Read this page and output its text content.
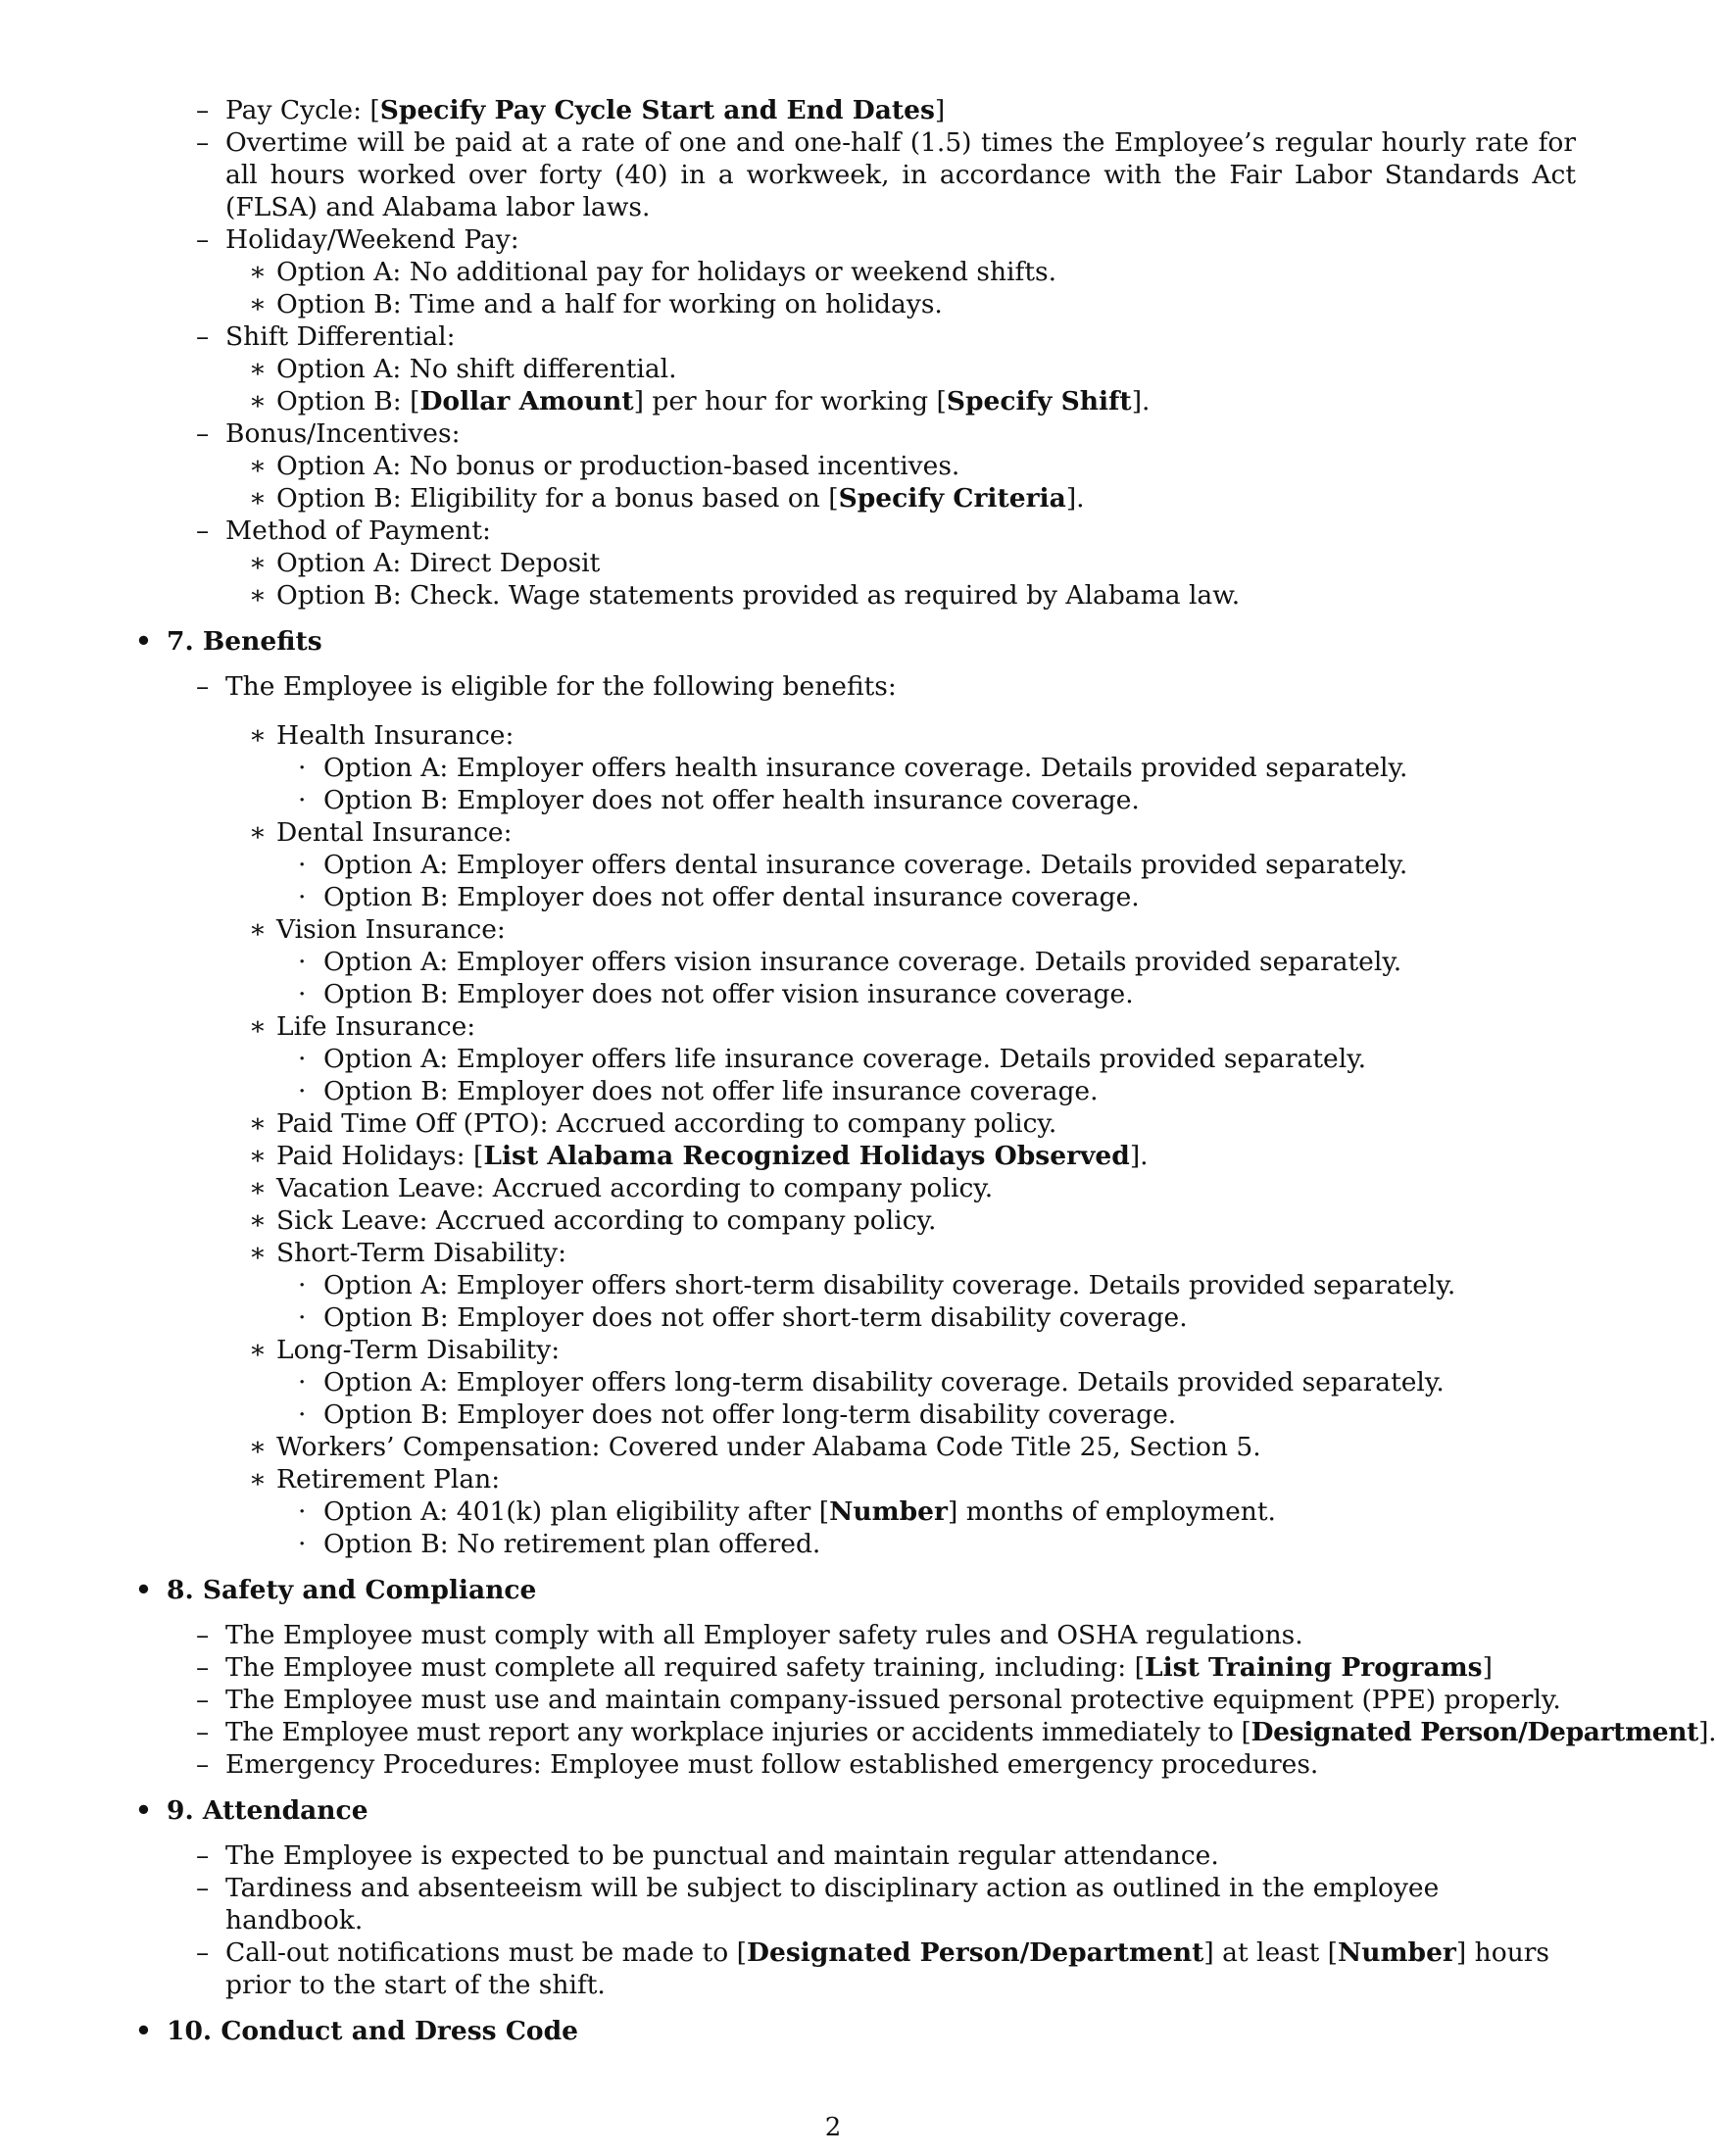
– Pay Cycle: [Specify Pay Cycle Start and End Dates]
– Overtime will be paid at a rate of one and one-half (1.5) times the Employee’s regular hourly rate for all hours worked over forty (40) in a workweek, in accordance with the Fair Labor Standards Act (FLSA) and Alabama labor laws.
– Holiday/Weekend Pay:
∗ Option A: No additional pay for holidays or weekend shifts.
∗ Option B: Time and a half for working on holidays.
– Shift Differential:
∗ Option A: No shift differential.
∗ Option B: [Dollar Amount] per hour for working [Specify Shift].
– Bonus/Incentives:
∗ Option A: No bonus or production-based incentives.
∗ Option B: Eligibility for a bonus based on [Specify Criteria].
– Method of Payment:
∗ Option A: Direct Deposit
∗ Option B: Check. Wage statements provided as required by Alabama law.
• 7. Benefits
– The Employee is eligible for the following benefits:
∗ Health Insurance:
· Option A: Employer offers health insurance coverage. Details provided separately.
· Option B: Employer does not offer health insurance coverage.
∗ Dental Insurance:
· Option A: Employer offers dental insurance coverage. Details provided separately.
· Option B: Employer does not offer dental insurance coverage.
∗ Vision Insurance:
· Option A: Employer offers vision insurance coverage. Details provided separately.
· Option B: Employer does not offer vision insurance coverage.
∗ Life Insurance:
· Option A: Employer offers life insurance coverage. Details provided separately.
· Option B: Employer does not offer life insurance coverage.
∗ Paid Time Off (PTO): Accrued according to company policy.
∗ Paid Holidays: [List Alabama Recognized Holidays Observed].
∗ Vacation Leave: Accrued according to company policy.
∗ Sick Leave: Accrued according to company policy.
∗ Short-Term Disability:
· Option A: Employer offers short-term disability coverage. Details provided separately.
· Option B: Employer does not offer short-term disability coverage.
∗ Long-Term Disability:
· Option A: Employer offers long-term disability coverage. Details provided separately.
· Option B: Employer does not offer long-term disability coverage.
∗ Workers’ Compensation: Covered under Alabama Code Title 25, Section 5.
∗ Retirement Plan:
· Option A: 401(k) plan eligibility after [Number] months of employment.
· Option B: No retirement plan offered.
• 8. Safety and Compliance
– The Employee must comply with all Employer safety rules and OSHA regulations.
– The Employee must complete all required safety training, including: [List Training Programs]
– The Employee must use and maintain company-issued personal protective equipment (PPE) properly.
– The Employee must report any workplace injuries or accidents immediately to [Designated Person/Department].
– Emergency Procedures: Employee must follow established emergency procedures.
• 9. Attendance
– The Employee is expected to be punctual and maintain regular attendance.
– Tardiness and absenteeism will be subject to disciplinary action as outlined in the employee handbook.
– Call-out notifications must be made to [Designated Person/Department] at least [Number] hours prior to the start of the shift.
• 10. Conduct and Dress Code
2
